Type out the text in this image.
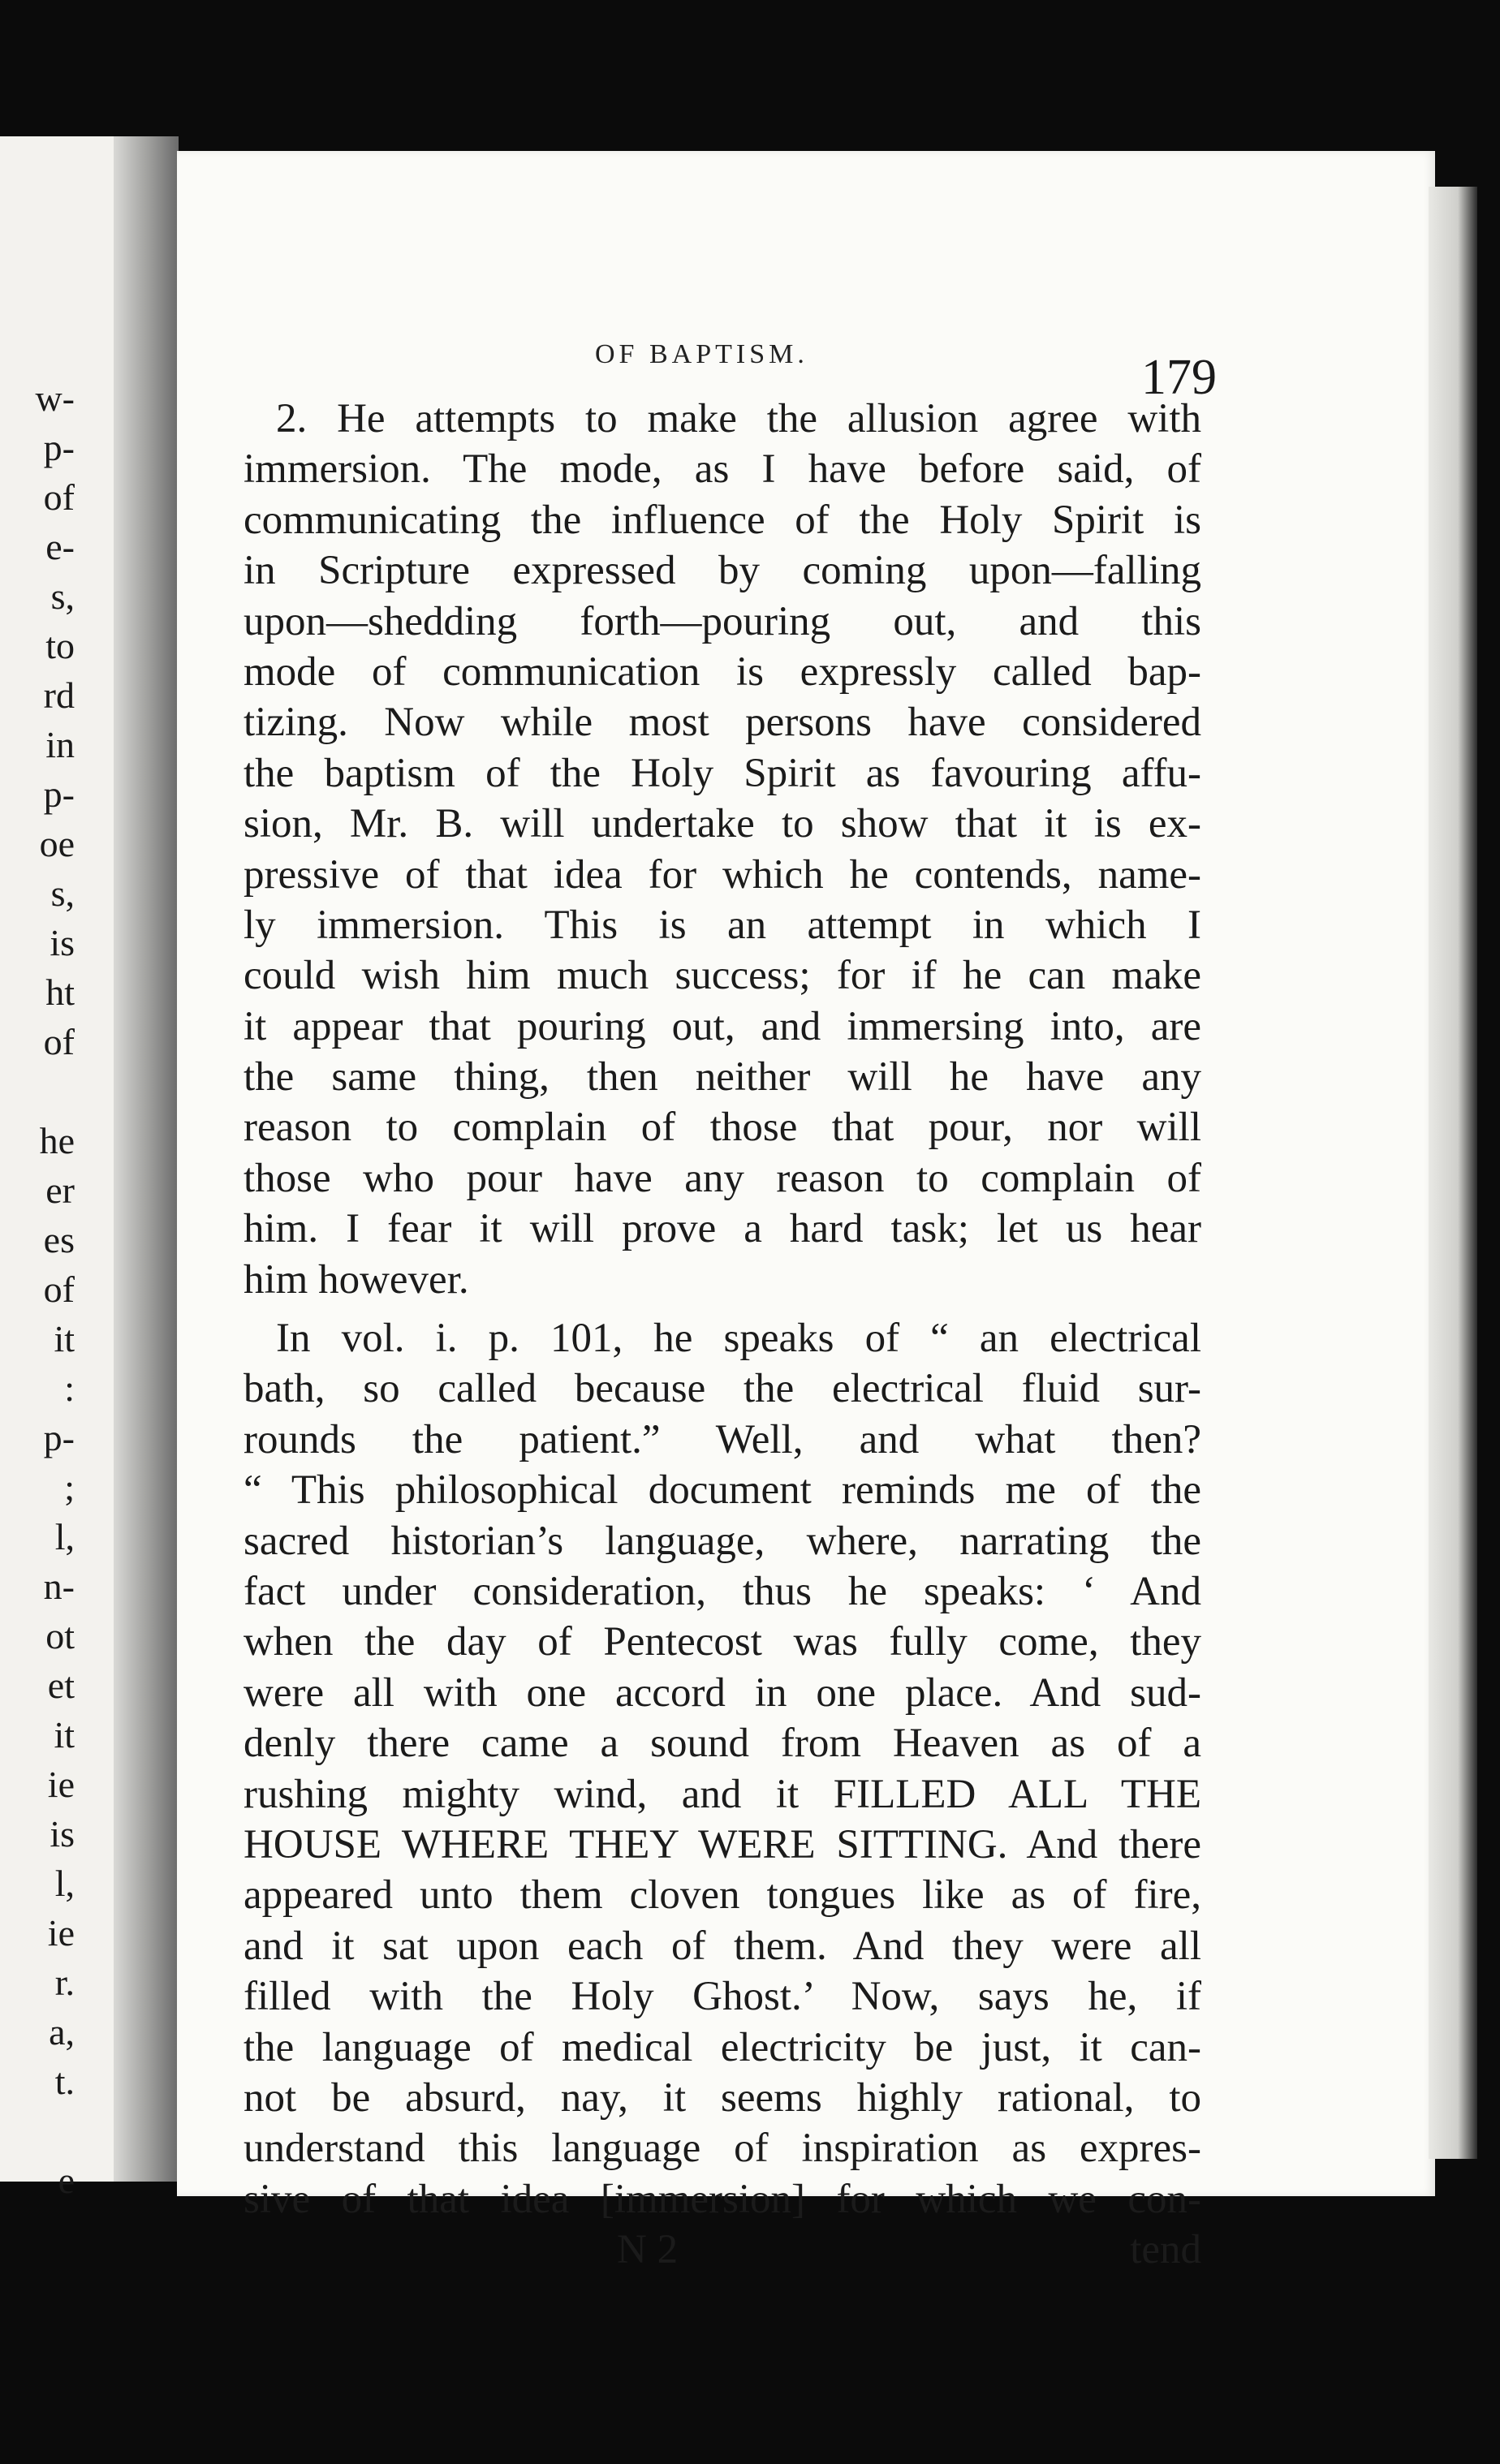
w-
p-
of
e-
s,
to
rd
in
p-
oe
s,
is
ht
of
he
er
es
of
it
:
p-
;
l,
n-
ot
et
it
ie
is
l,
ie
r.
a,
t.
e
OF BAPTISM.	179
2. He attempts to make the allusion agree with
immersion. The mode, as I have before said, of
communicating the influence of the Holy Spirit is
in Scripture expressed by coming upon—falling
upon—shedding forth—pouring out, and this
mode of communication is expressly called bap-
tizing. Now while most persons have considered
the baptism of the Holy Spirit as favouring affu-
sion, Mr. B. will undertake to show that it is ex-
pressive of that idea for which he contends, name-
ly immersion. This is an attempt in which I
could wish him much success; for if he can make
it appear that pouring out, and immersing into, are
the same thing, then neither will he have any
reason to complain of those that pour, nor will
those who pour have any reason to complain of
him. I fear it will prove a hard task; let us hear
him however.
In vol. i. p. 101, he speaks of “ an electrical
bath, so called because the electrical fluid sur-
rounds the patient.” Well, and what then?
“ This philosophical document reminds me of the
sacred historian’s language, where, narrating the
fact under consideration, thus he speaks: ‘ And
when the day of Pentecost was fully come, they
were all with one accord in one place. And sud-
denly there came a sound from Heaven as of a
rushing mighty wind, and it FILLED ALL THE
HOUSE WHERE THEY WERE SITTING. And there
appeared unto them cloven tongues like as of fire,
and it sat upon each of them. And they were all
filled with the Holy Ghost.’ Now, says he, if
the language of medical electricity be just, it can-
not be absurd, nay, it seems highly rational, to
understand this language of inspiration as expres-
sive of that idea [immersion] for which we con-
N 2	tend
